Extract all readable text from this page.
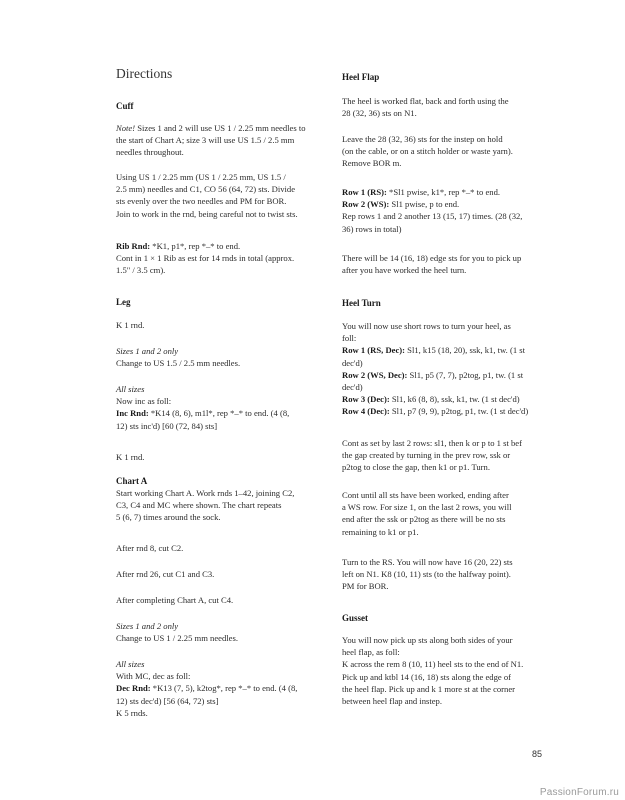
Directions
Cuff

Note! Sizes 1 and 2 will use US 1 / 2.25 mm needles to
the start of Chart A; size 3 will use US 1.5 / 2.5 mm
needles throughout.

Using US 1 / 2.25 mm (US 1 / 2.25 mm, US 1.5 /
2.5 mm) needles and C1, CO 56 (64, 72) sts. Divide
sts evenly over the two needles and PM for BOR.
Join to work in the rnd, being careful not to twist sts.

Rib Rnd: *K1, p1*, rep *–* to end.
Cont in 1 × 1 Rib as est for 14 rnds in total (approx.
1.5" / 3.5 cm).

Leg

K 1 rnd.

Sizes 1 and 2 only
Change to US 1.5 / 2.5 mm needles.

All sizes
Now inc as foll:
Inc Rnd: *K14 (8, 6), m1l*, rep *–* to end. (4 (8,
12) sts inc'd) [60 (72, 84) sts]

K 1 rnd.

Chart A

Start working Chart A. Work rnds 1–42, joining C2,
C3, C4 and MC where shown. The chart repeats
5 (6, 7) times around the sock.

After rnd 8, cut C2.

After rnd 26, cut C1 and C3.

After completing Chart A, cut C4.

Sizes 1 and 2 only
Change to US 1 / 2.25 mm needles.

All sizes
With MC, dec as foll:
Dec Rnd: *K13 (7, 5), k2tog*, rep *–* to end. (4 (8,
12) sts dec'd) [56 (64, 72) sts]
K 5 rnds.

Heel Flap

The heel is worked flat, back and forth using the
28 (32, 36) sts on N1.

Leave the 28 (32, 36) sts for the instep on hold
(on the cable, or on a stitch holder or waste yarn).
Remove BOR m.

Row 1 (RS): *Sl1 pwise, k1*, rep *–* to end.
Row 2 (WS): Sl1 pwise, p to end.
Rep rows 1 and 2 another 13 (15, 17) times. (28 (32,
36) rows in total)

There will be 14 (16, 18) edge sts for you to pick up
after you have worked the heel turn.

Heel Turn

You will now use short rows to turn your heel, as
foll:
Row 1 (RS, Dec): Sl1, k15 (18, 20), ssk, k1, tw. (1 st
dec'd)
Row 2 (WS, Dec): Sl1, p5 (7, 7), p2tog, p1, tw. (1 st
dec'd)
Row 3 (Dec): Sl1, k6 (8, 8), ssk, k1, tw. (1 st dec'd)
Row 4 (Dec): Sl1, p7 (9, 9), p2tog, p1, tw. (1 st dec'd)

Cont as set by last 2 rows: sl1, then k or p to 1 st bef
the gap created by turning in the prev row, ssk or
p2tog to close the gap, then k1 or p1. Turn.

Cont until all sts have been worked, ending after
a WS row. For size 1, on the last 2 rows, you will
end after the ssk or p2tog as there will be no sts
remaining to k1 or p1.

Turn to the RS. You will now have 16 (20, 22) sts
left on N1. K8 (10, 11) sts (to the halfway point).
PM for BOR.

Gusset

You will now pick up sts along both sides of your
heel flap, as foll:
K across the rem 8 (10, 11) heel sts to the end of N1.
Pick up and ktbl 14 (16, 18) sts along the edge of
the heel flap. Pick up and k 1 more st at the corner
between heel flap and instep.

85
PassionForum.ru
